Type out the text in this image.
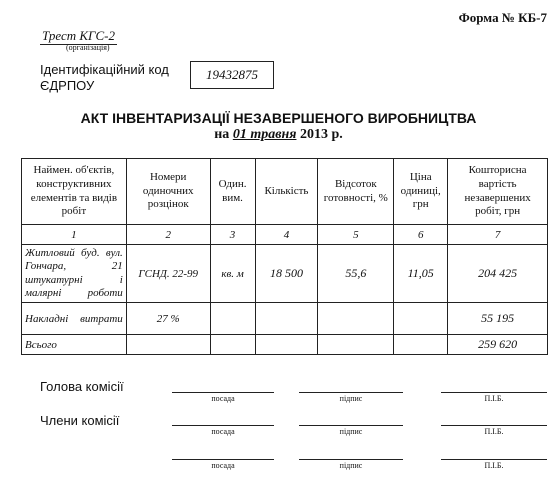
Форма № КБ-7
Трест КГС-2
(організація)
Ідентифікаційний код
ЄДРПОУ
19432875
АКТ ІНВЕНТАРИЗАЦІЇ НЕЗАВЕРШЕНОГО ВИРОБНИЦТВА
на 01 травня 2013 р.
Наймен. об'єктів, конструктивних елементів та видів робіт	Номери одиночних розцінок	Один. вим.	Кількість	Відсоток готовності, %	Ціна одиниці, грн	Кошторисна вартість незавершених робіт, грн
1	2	3	4	5	6	7
Житловий буд. вул. Гончара, 21 штукатурні і малярні роботи	ГСНД. 22-99	кв. м	18 500	55,6	11,05	204 425
Накладні витрати	27 %					55 195
Всього						259 620
Голова комісії
Члени комісії
посада	підпис	П.І.Б.
посада	підпис	П.І.Б.
посада	підпис	П.І.Б.
